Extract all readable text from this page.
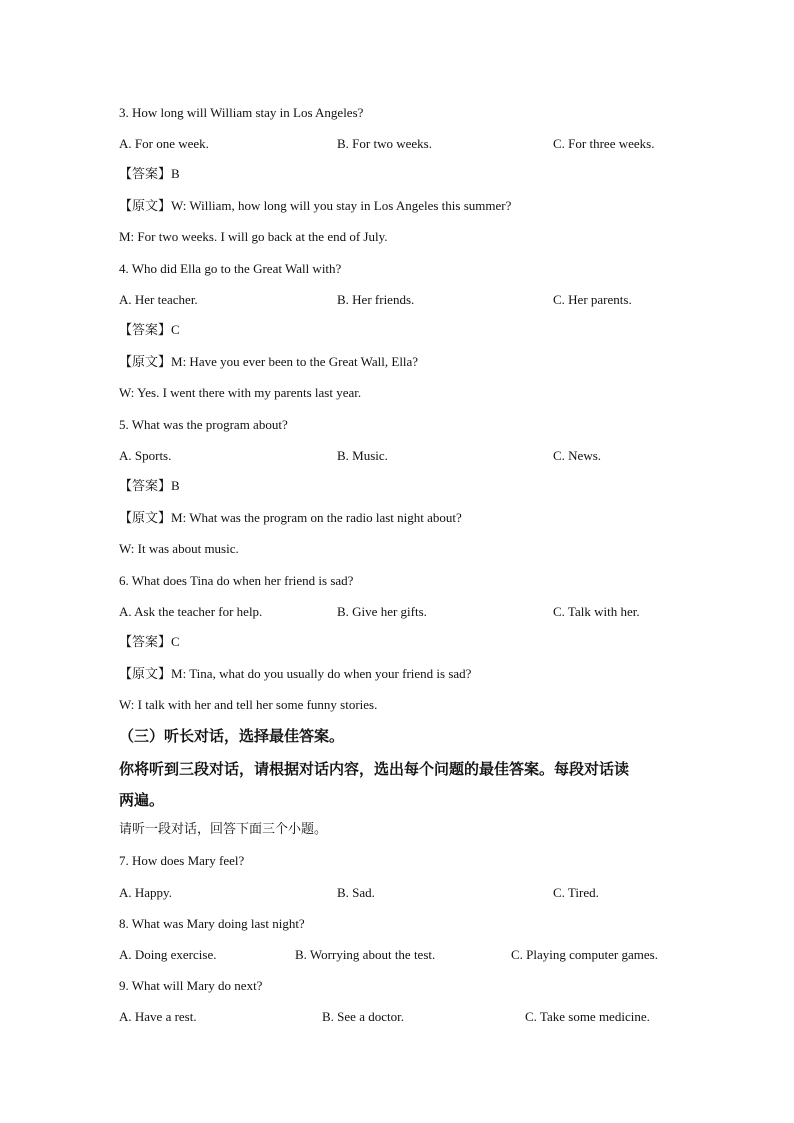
3. How long will William stay in Los Angeles?
A. For one week.	B. For two weeks.	C. For three weeks.
【答案】B
【原文】W: William, how long will you stay in Los Angeles this summer?
M: For two weeks. I will go back at the end of July.
4. Who did Ella go to the Great Wall with?
A. Her teacher.	B. Her friends.	C. Her parents.
【答案】C
【原文】M: Have you ever been to the Great Wall, Ella?
W: Yes. I went there with my parents last year.
5. What was the program about?
A. Sports.	B. Music.	C. News.
【答案】B
【原文】M: What was the program on the radio last night about?
W: It was about music.
6. What does Tina do when her friend is sad?
A. Ask the teacher for help.	B. Give her gifts.	C. Talk with her.
【答案】C
【原文】M: Tina, what do you usually do when your friend is sad?
W: I talk with her and tell her some funny stories.
（三）听长对话，选择最佳答案。
你将听到三段对话，请根据对话内容，选出每个问题的最佳答案。每段对话读
两遍。
请听一段对话，回答下面三个小题。
7. How does Mary feel?
A. Happy.	B. Sad.	C. Tired.
8. What was Mary doing last night?
A. Doing exercise.	B. Worrying about the test.	C. Playing computer games.
9. What will Mary do next?
A. Have a rest.	B. See a doctor.	C. Take some medicine.
